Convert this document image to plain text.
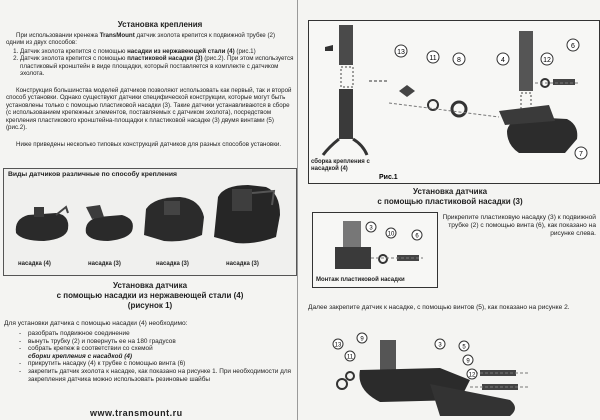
Установка крепления
При использовании кренежа TransMount датчик эхолота крепится к подвижной трубке (2) одним из двух способов:
1. Датчик эхолота крепится с помощью насадки из нержавеющей стали (4) (рис.1)
2. Датчик эхолота крепится с помощью пластиковой насадки (3) (рис.2). При этом используется пластиковый кронштейн в виде площадки, который поставляется в комплекте с датчиком эхолота.
Конструкция большинства моделей датчиков позволяют использовать как первый, так и второй способ установки. Однако существуют датчики специфической конструкции, которые могут быть установлены только с помощью пластиковой насадки (3). Такие датчики устанавливаются в сборе (с использованием крепежных элементов, поставляемых с датчиком эхолота), посредством крепления пластикового кронштейна-площадки к пластиковой насадке (3) двумя винтами (5) (рис.2).
Ниже приведены несколько типовых конструкций датчиков для разных способов установки.
Виды датчиков различные по способу крепления
насадка (4)	насадка (3)	насадка (3)	насадка (3)
Установка датчика
с помощью насадки из нержавеющей стали (4)
(рисунок 1)
Для установки датчика с помощью насадки (4) необходимо:
- разобрать подвижное соединение
- вынуть трубку (2) и повернуть ее на 180 градусов
- собрать крепеж в соответствии со схемой
сборки крепления с насадкой (4)
- прикрутить насадку (4) к трубке с помощью винта (6)
- закрепить датчик эхолота к насадке, как показано на рисунке 1. При необходимости для закрепления датчика можно использовать резиновые шайбы
www.transmount.ru
13
11	8	4	12
6
7
Рис.1
сборка крепления с насадкой (4)
Установка датчика
с помощью пластиковой насадки (3)
3
10	6
Монтаж пластиковой насадки
Прикрепите пластиковую насадку (3) к подвижной трубке (2) с помощью винта (6), как показано на рисунке слева.
Далее закрепите датчик к насадке, с помощью винтов (5), как показано на рисунке 2.
13
11
9
3	5
9
12
